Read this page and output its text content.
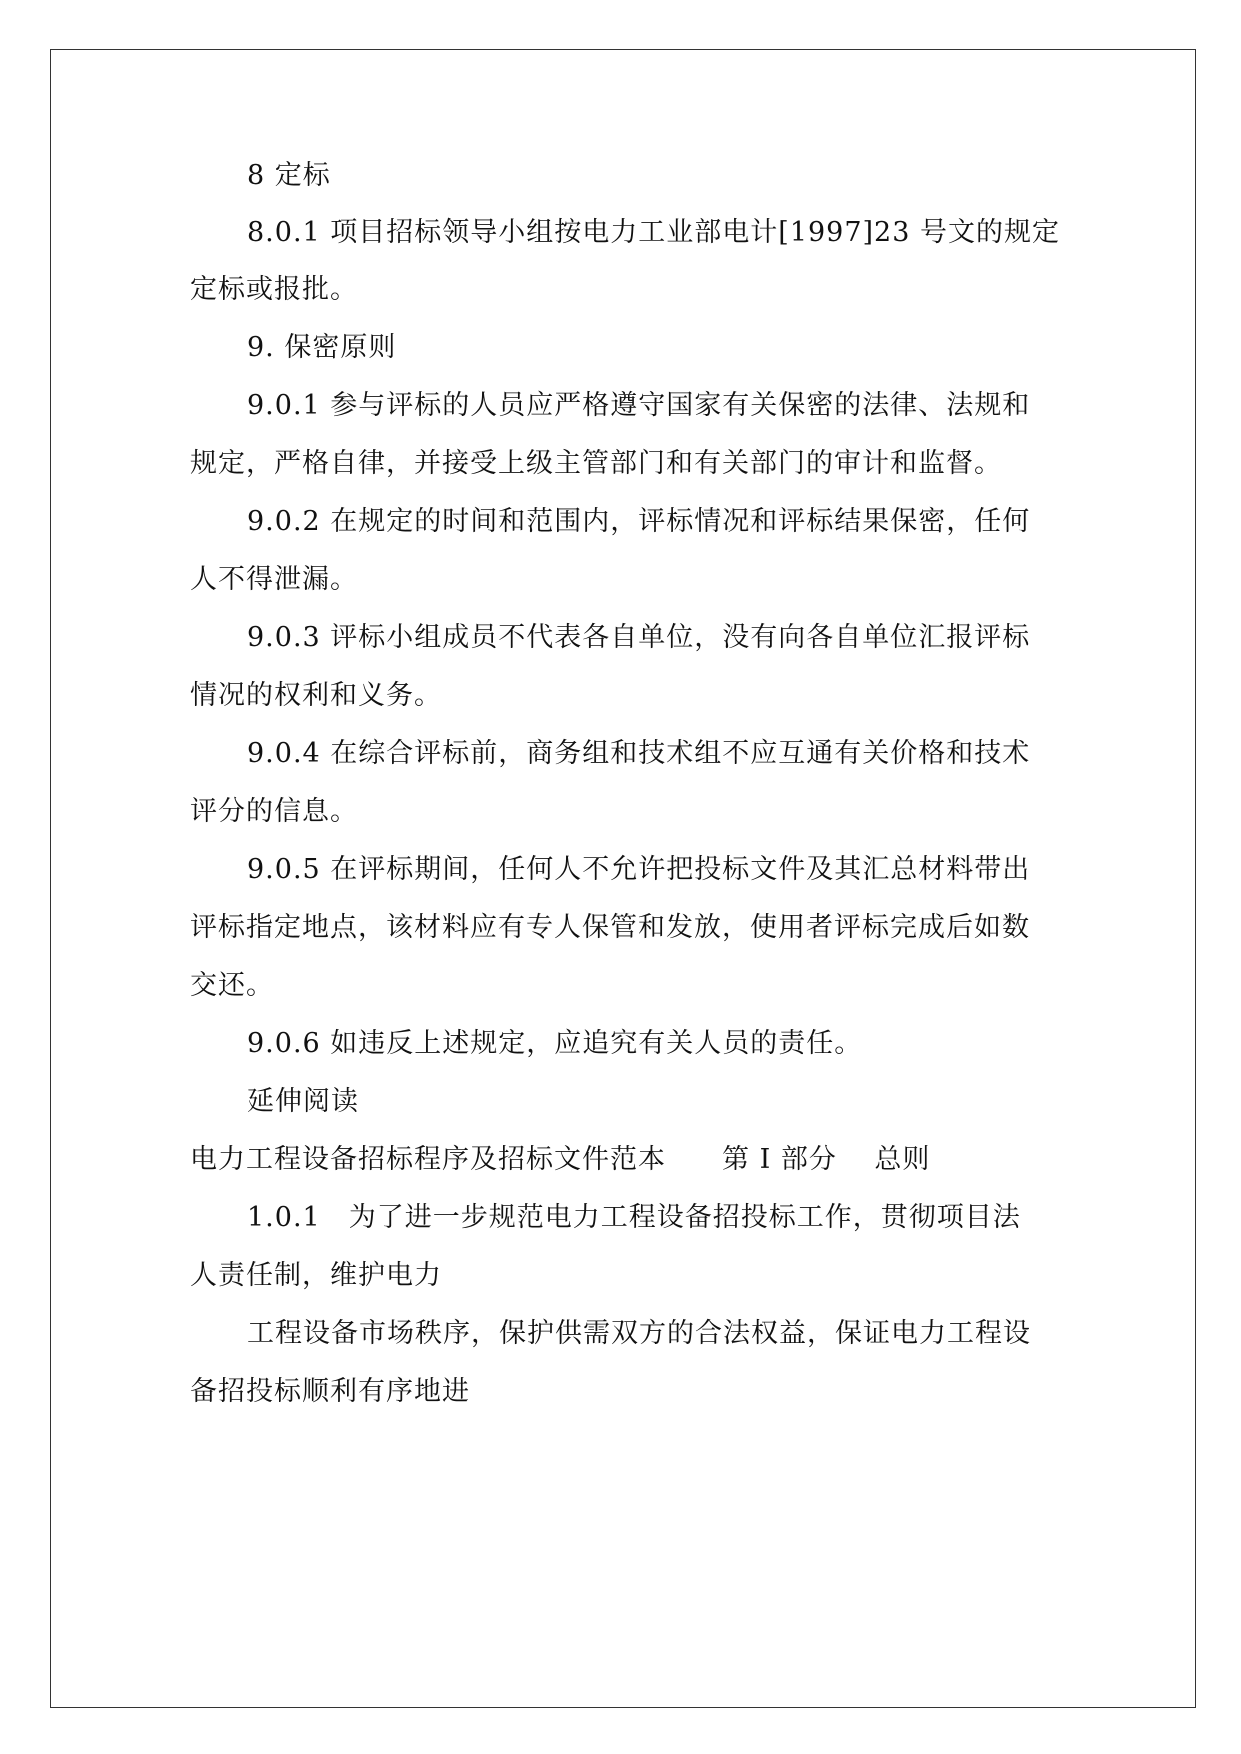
8 定标
8.0.1 项目招标领导小组按电力工业部电计[1997]23 号文的规定
定标或报批。
9. 保密原则
9.0.1 参与评标的人员应严格遵守国家有关保密的法律、法规和
规定，严格自律，并接受上级主管部门和有关部门的审计和监督。
9.0.2 在规定的时间和范围内，评标情况和评标结果保密，任何
人不得泄漏。
9.0.3 评标小组成员不代表各自单位，没有向各自单位汇报评标
情况的权利和义务。
9.0.4 在综合评标前，商务组和技术组不应互通有关价格和技术
评分的信息。
9.0.5 在评标期间，任何人不允许把投标文件及其汇总材料带出
评标指定地点，该材料应有专人保管和发放，使用者评标完成后如数
交还。
9.0.6 如违反上述规定，应追究有关人员的责任。
延伸阅读
电力工程设备招标程序及招标文件范本　　第 I 部分　 总则
1.0.1　为了进一步规范电力工程设备招投标工作，贯彻项目法
人责任制，维护电力
工程设备市场秩序，保护供需双方的合法权益，保证电力工程设
备招投标顺利有序地进
